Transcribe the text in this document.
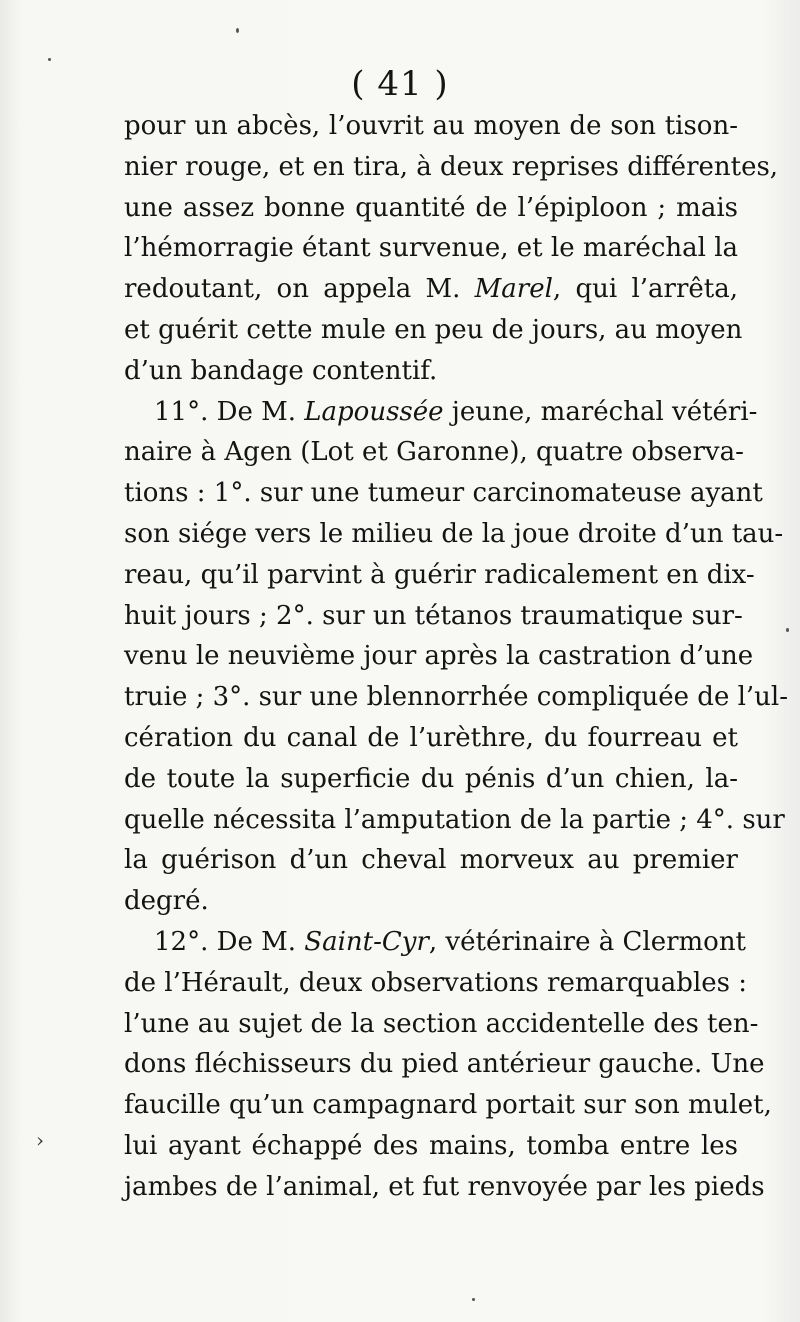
( 41 )
pour un abcès, l’ouvrit au moyen de son tison-
nier rouge, et en tira, à deux reprises différentes,
une assez bonne quantité de l’épiploon ; mais
l’hémorragie étant survenue, et le maréchal la
redoutant, on appela M. Marel, qui l’arrêta,
et guérit cette mule en peu de jours, au moyen
d’un bandage contentif.
11°. De M. Lapoussée jeune, maréchal vétéri-
naire à Agen (Lot et Garonne), quatre observa-
tions : 1°. sur une tumeur carcinomateuse ayant
son siége vers le milieu de la joue droite d’un tau-
reau, qu’il parvint à guérir radicalement en dix-
huit jours ; 2°. sur un tétanos traumatique sur-
venu le neuvième jour après la castration d’une
truie ; 3°. sur une blennorrhée compliquée de l’ul-
cération du canal de l’urèthre, du fourreau et
de toute la superficie du pénis d’un chien, la-
quelle nécessita l’amputation de la partie ; 4°. sur
la guérison d’un cheval morveux au premier
degré.
12°. De M. Saint-Cyr, vétérinaire à Clermont
de l’Hérault, deux observations remarquables :
l’une au sujet de la section accidentelle des ten-
dons fléchisseurs du pied antérieur gauche. Une
faucille qu’un campagnard portait sur son mulet,
lui ayant échappé des mains, tomba entre les
jambes de l’animal, et fut renvoyée par les pieds
›
